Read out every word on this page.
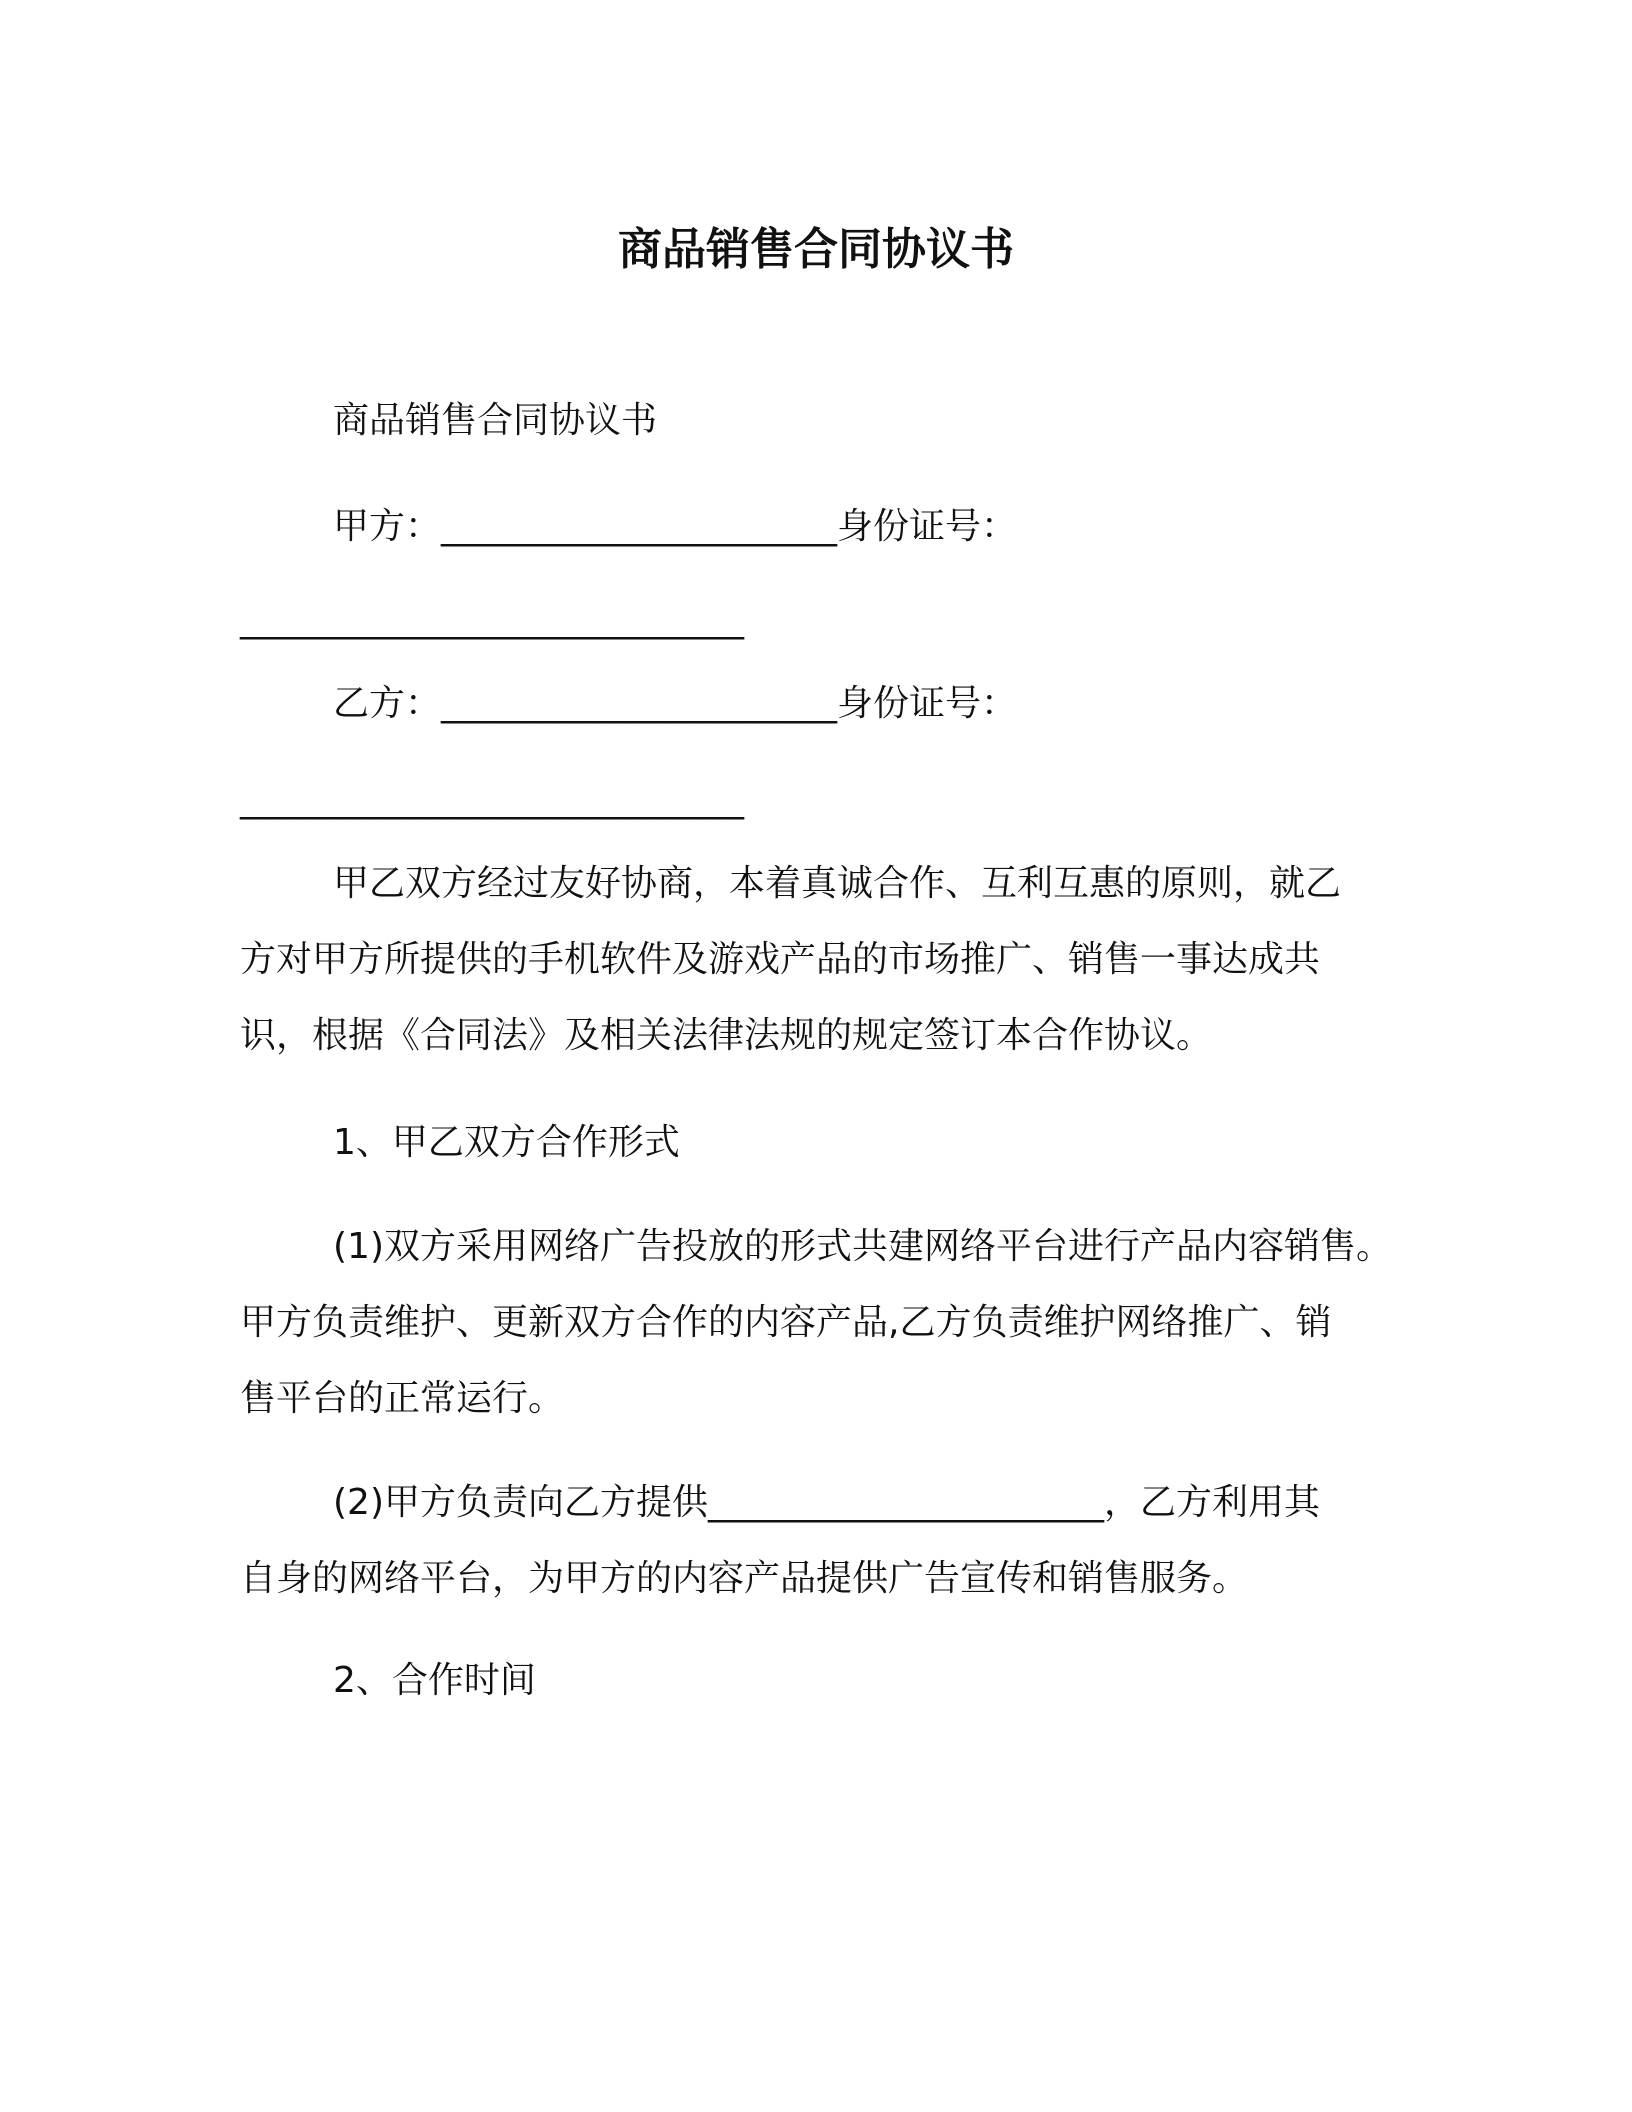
商品销售合同协议书
商品销售合同协议书
甲方：______________________身份证号：
____________________________
乙方：______________________身份证号：
____________________________
甲乙双方经过友好协商，本着真诚合作、互利互惠的原则，就乙
方对甲方所提供的手机软件及游戏产品的市场推广、销售一事达成共
识，根据《合同法》及相关法律法规的规定签订本合作协议。
1、甲乙双方合作形式
(1)双方采用网络广告投放的形式共建网络平台进行产品内容销售。
甲方负责维护、更新双方合作的内容产品,乙方负责维护网络推广、销
售平台的正常运行。
(2)甲方负责向乙方提供______________________，乙方利用其
自身的网络平台，为甲方的内容产品提供广告宣传和销售服务。
2、合作时间
